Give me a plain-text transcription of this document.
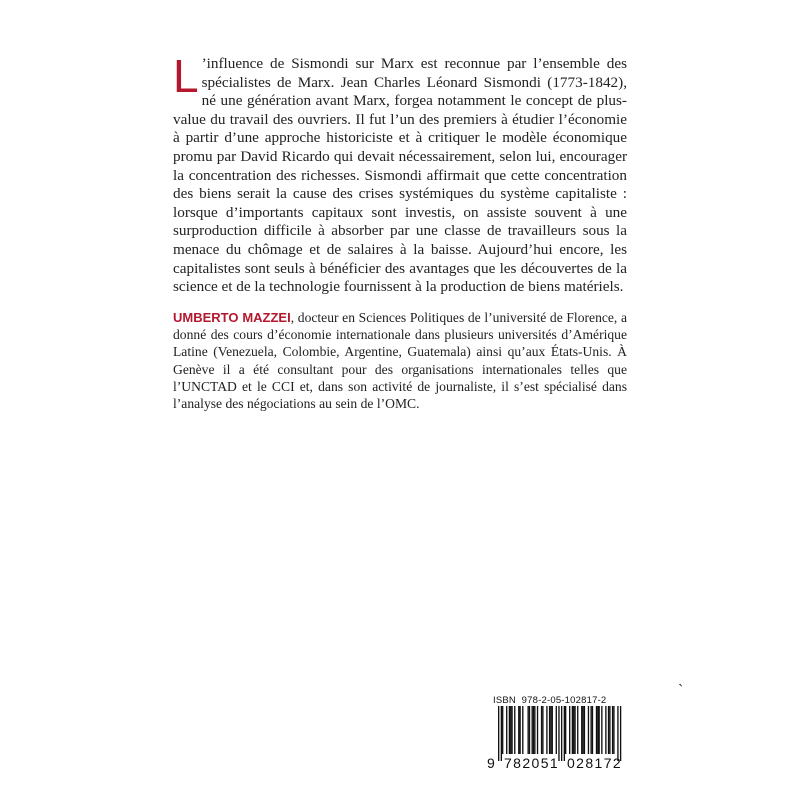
L ’influence de Sismondi sur Marx est reconnue par l’ensemble des spécialistes de Marx. Jean Charles Léonard Sismondi (1773-1842), né une génération avant Marx, forgea notamment le concept de plus-value du travail des ouvriers. Il fut l’un des premiers à étudier l’économie à partir d’une approche historiciste et à critiquer le modèle économique promu par David Ricardo qui devait nécessairement, selon lui, encourager la concentration des richesses. Sismondi affirmait que cette concentration des biens serait la cause des crises systémiques du système capitaliste : lorsque d’importants capitaux sont investis, on assiste souvent à une surproduction difficile à absorber par une classe de travailleurs sous la menace du chômage et de salaires à la baisse. Aujourd’hui encore, les capitalistes sont seuls à bénéficier des avantages que les découvertes de la science et de la technologie fournissent à la production de biens matériels.

UMBERTO MAZZEI, docteur en Sciences Politiques de l’université de Florence, a donné des cours d’économie internationale dans plusieurs universités d’Amérique Latine (Venezuela, Colombie, Argentine, Guatemala) ainsi qu’aux États-Unis. À Genève il a été consultant pour des organisations internationales telles que l’UNCTAD et le CCI et, dans son activité de journaliste, il s’est spécialisé dans l’analyse des négociations au sein de l’OMC.

ISBN 978-2-05-102817-2
9 782051 028172
`
